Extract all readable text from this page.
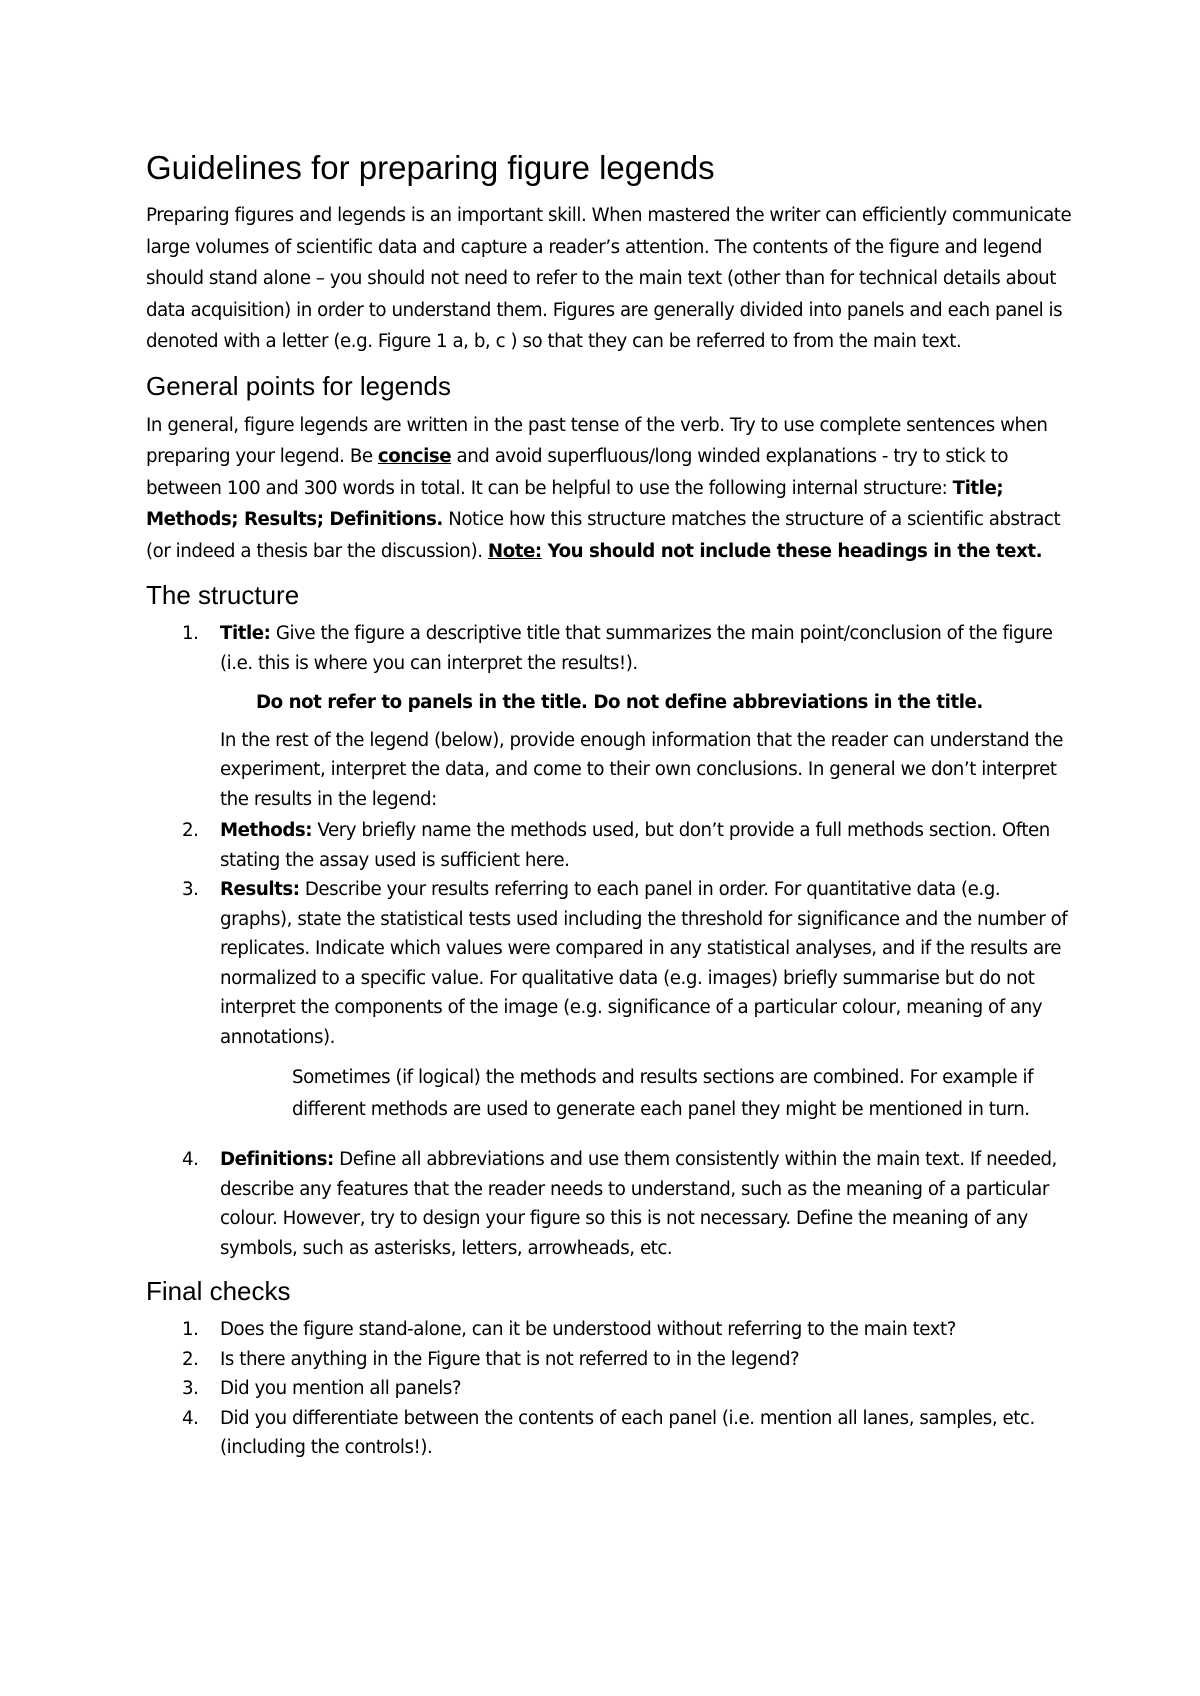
Guidelines for preparing figure legends

Preparing figures and legends is an important skill. When mastered the writer can efficiently communicate large volumes of scientific data and capture a reader’s attention. The contents of the figure and legend should stand alone – you should not need to refer to the main text (other than for technical details about data acquisition) in order to understand them. Figures are generally divided into panels and each panel is denoted with a letter (e.g. Figure 1 a, b, c ) so that they can be referred to from the main text.

General points for legends

In general, figure legends are written in the past tense of the verb. Try to use complete sentences when preparing your legend. Be concise and avoid superfluous/long winded explanations - try to stick to between 100 and 300 words in total. It can be helpful to use the following internal structure: Title; Methods; Results; Definitions. Notice how this structure matches the structure of a scientific abstract (or indeed a thesis bar the discussion). Note: You should not include these headings in the text.

The structure
1. Title: Give the figure a descriptive title that summarizes the main point/conclusion of the figure (i.e. this is where you can interpret the results!).

Do not refer to panels in the title. Do not define abbreviations in the title.

In the rest of the legend (below), provide enough information that the reader can understand the experiment, interpret the data, and come to their own conclusions. In general we don’t interpret the results in the legend:

2. Methods: Very briefly name the methods used, but don’t provide a full methods section. Often stating the assay used is sufficient here.
3. Results: Describe your results referring to each panel in order. For quantitative data (e.g. graphs), state the statistical tests used including the threshold for significance and the number of replicates. Indicate which values were compared in any statistical analyses, and if the results are normalized to a specific value. For qualitative data (e.g. images) briefly summarise but do not interpret the components of the image (e.g. significance of a particular colour, meaning of any annotations).

Sometimes (if logical) the methods and results sections are combined. For example if different methods are used to generate each panel they might be mentioned in turn.

4. Definitions: Define all abbreviations and use them consistently within the main text. If needed, describe any features that the reader needs to understand, such as the meaning of a particular colour. However, try to design your figure so this is not necessary. Define the meaning of any symbols, such as asterisks, letters, arrowheads, etc.
Final checks
1. Does the figure stand-alone, can it be understood without referring to the main text?
2. Is there anything in the Figure that is not referred to in the legend?
3. Did you mention all panels?
4. Did you differentiate between the contents of each panel (i.e. mention all lanes, samples, etc. (including the controls!).
